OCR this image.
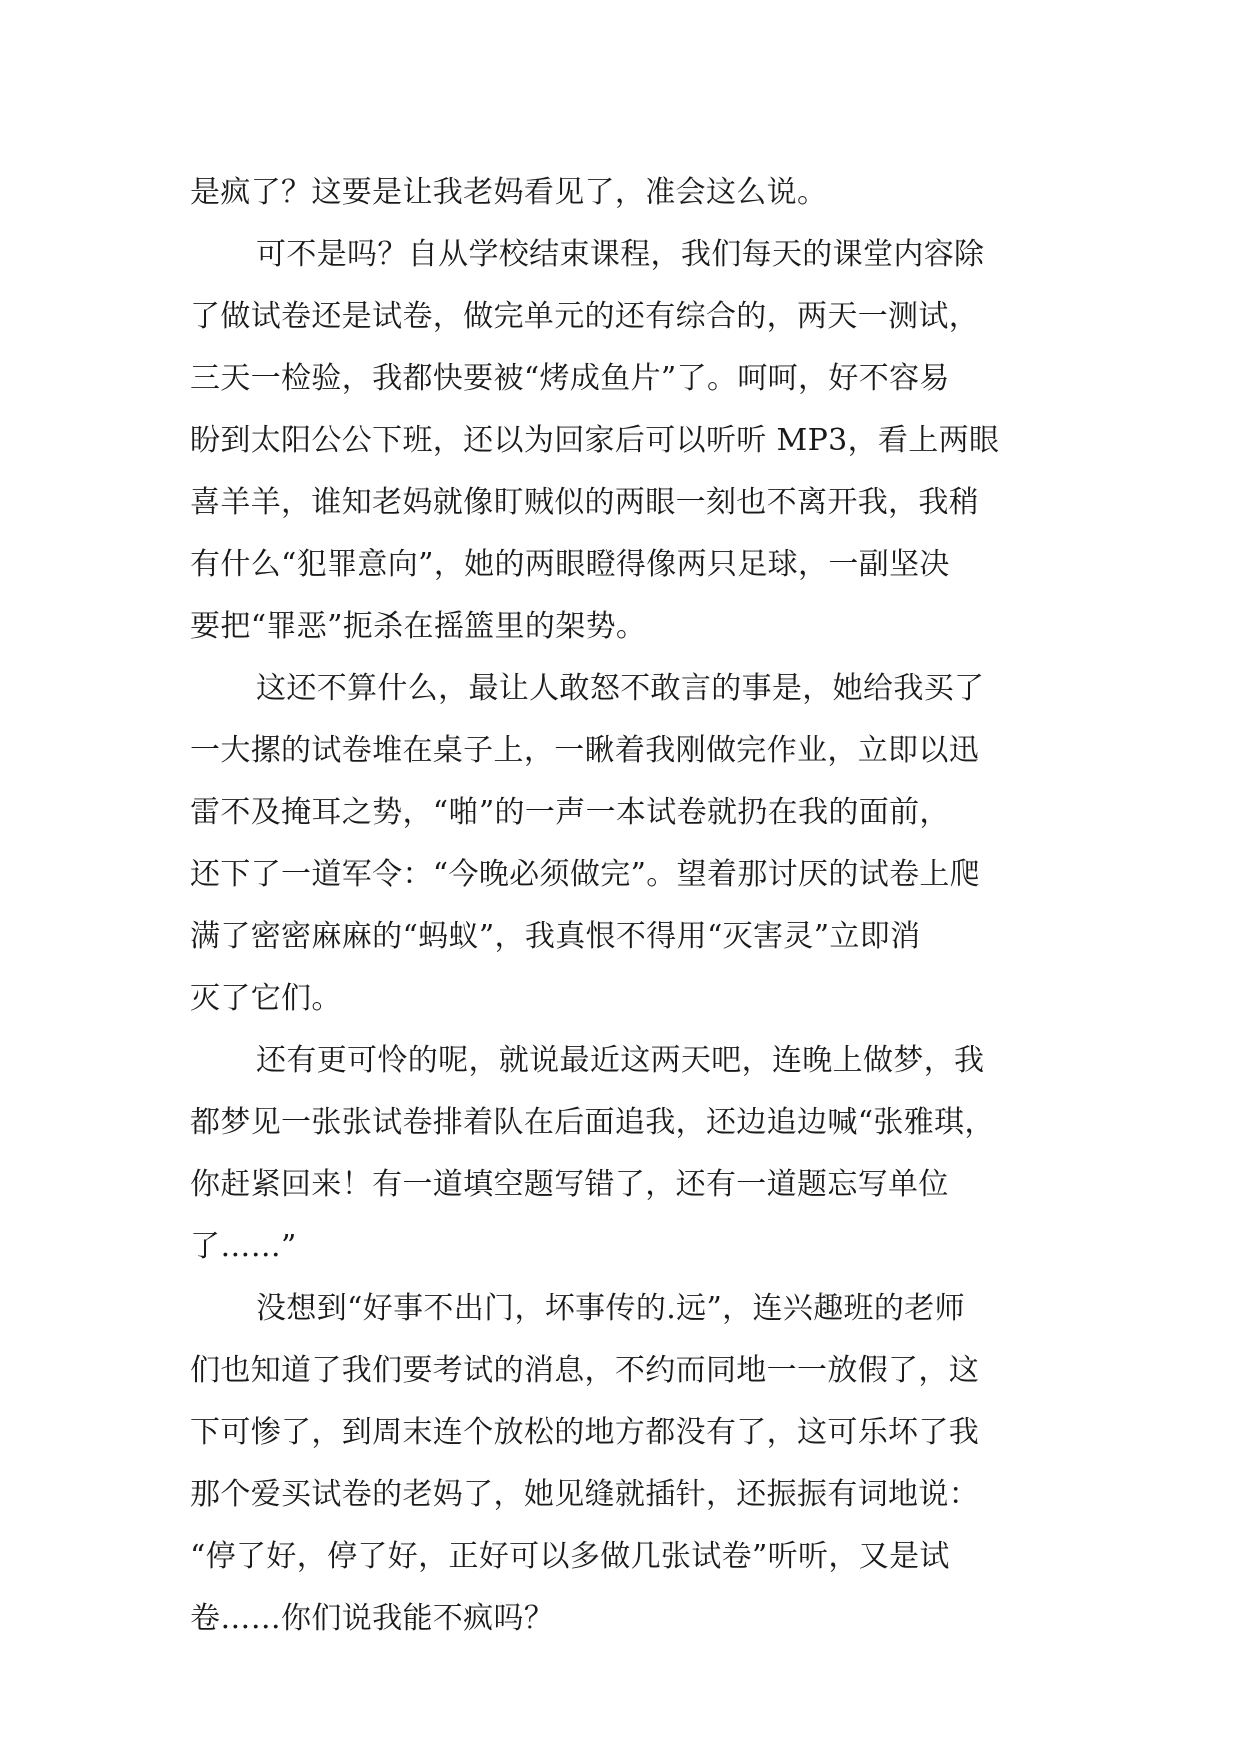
是疯了？这要是让我老妈看见了，准会这么说。
可不是吗？自从学校结束课程，我们每天的课堂内容除
了做试卷还是试卷，做完单元的还有综合的，两天一测试，
三天一检验，我都快要被“烤成鱼片”了。呵呵，好不容易
盼到太阳公公下班，还以为回家后可以听听 MP3，看上两眼
喜羊羊，谁知老妈就像盯贼似的两眼一刻也不离开我，我稍
有什么“犯罪意向”，她的两眼瞪得像两只足球，一副坚决
要把“罪恶”扼杀在摇篮里的架势。
这还不算什么，最让人敢怒不敢言的事是，她给我买了
一大摞的试卷堆在桌子上，一瞅着我刚做完作业，立即以迅
雷不及掩耳之势，“啪”的一声一本试卷就扔在我的面前，
还下了一道军令：“今晚必须做完”。望着那讨厌的试卷上爬
满了密密麻麻的“蚂蚁”，我真恨不得用“灭害灵”立即消
灭了它们。
还有更可怜的呢，就说最近这两天吧，连晚上做梦，我
都梦见一张张试卷排着队在后面追我，还边追边喊“张雅琪，
你赶紧回来！有一道填空题写错了，还有一道题忘写单位
了……”
没想到“好事不出门，坏事传的.远”，连兴趣班的老师
们也知道了我们要考试的消息，不约而同地一一放假了，这
下可惨了，到周末连个放松的地方都没有了，这可乐坏了我
那个爱买试卷的老妈了，她见缝就插针，还振振有词地说：
“停了好，停了好，正好可以多做几张试卷”听听，又是试
卷……你们说我能不疯吗？
